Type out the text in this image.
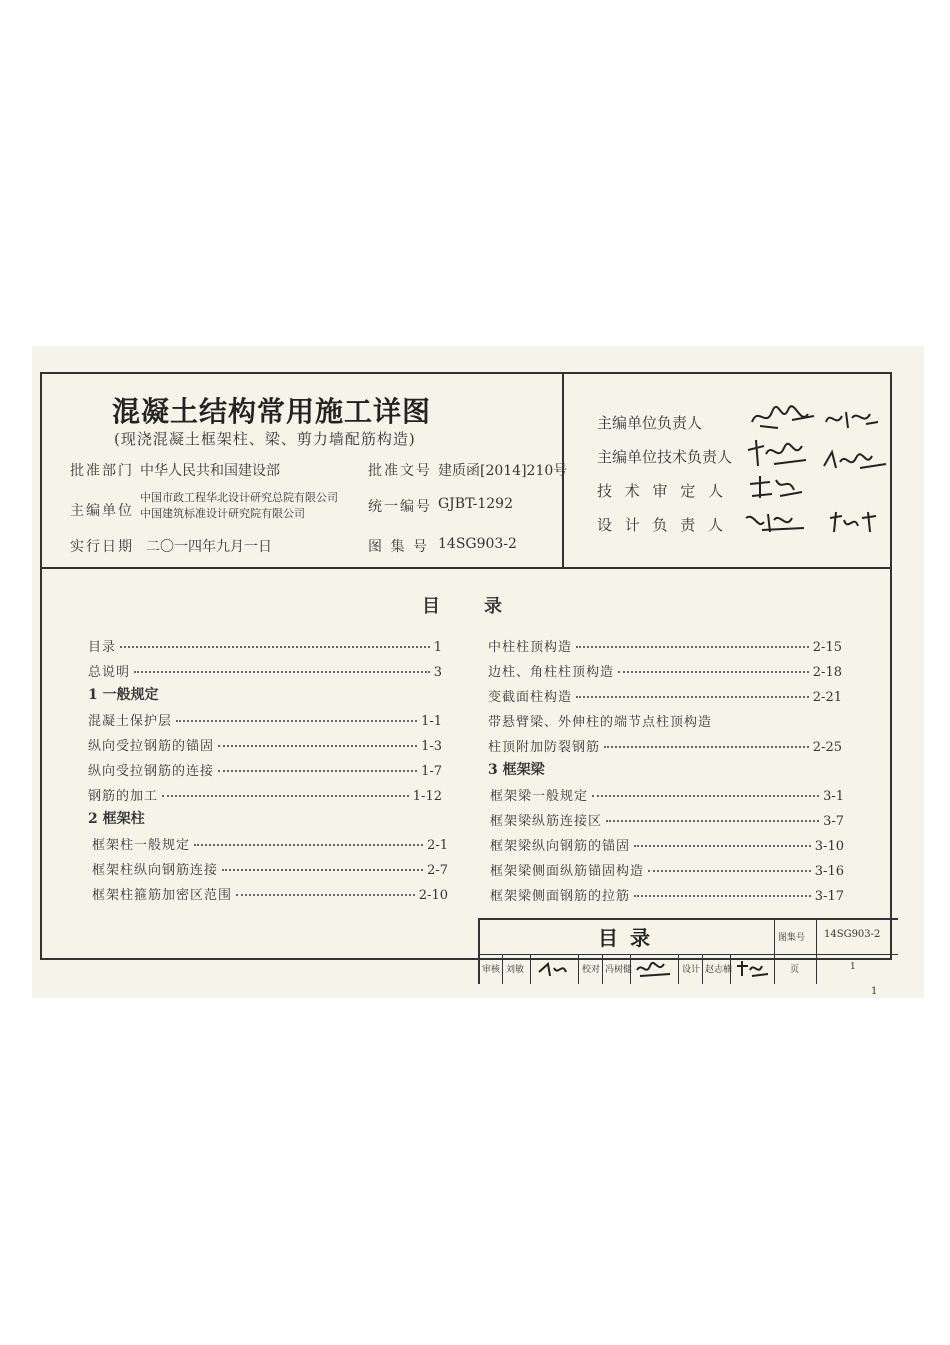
混凝土结构常用施工详图
(现浇混凝土框架柱、梁、剪力墙配筋构造)
批准部门 中华人民共和国建设部	批准文号 建质函[2014]210号
主编单位
中国市政工程华北设计研究总院有限公司
中国建筑标准设计研究院有限公司	统一编号 GJBT-1292
实行日期 二〇一四年九月一日	图 集 号 14SG903-2
主编单位负责人
主编单位技术负责人
技 术 审 定 人
设 计 负 责 人
目录
目录	1
总说明	3
1 一般规定
混凝土保护层	1-1
纵向受拉钢筋的锚固	1-3
纵向受拉钢筋的连接	1-7
钢筋的加工	1-12
2 框架柱
框架柱一般规定	2-1
框架柱纵向钢筋连接	2-7
框架柱箍筋加密区范围	2-10
中柱柱顶构造	2-15
边柱、角柱柱顶构造	2-18
变截面柱构造	2-21
带悬臂梁、外伸柱的端节点柱顶构造
柱顶附加防裂钢筋	2-25
3 框架梁
框架梁一般规定	3-1
框架梁纵筋连接区	3-7
框架梁纵向钢筋的锚固	3-10
框架梁侧面纵筋锚固构造	3-16
框架梁侧面钢筋的拉筋	3-17
目录	图集号 14SG903-2
审核 刘敏	校对 冯树健	设计 赵志楠	页	1
1
